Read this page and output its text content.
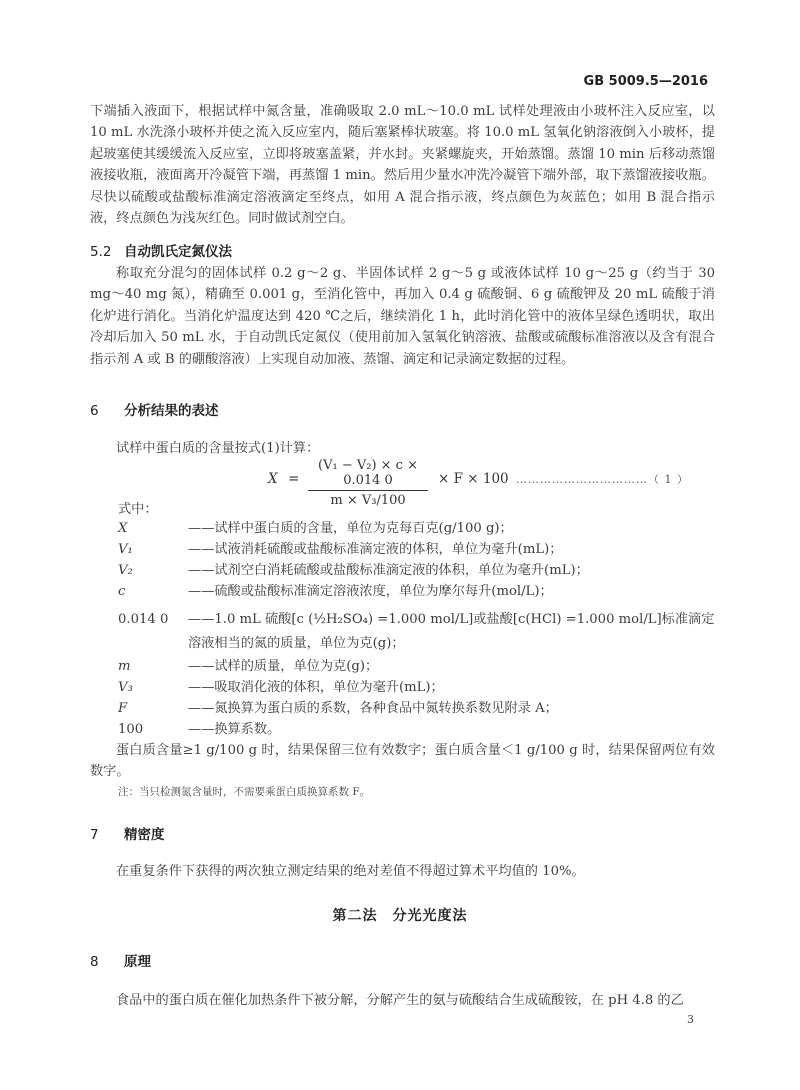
GB 5009.5—2016
下端插入液面下，根据试样中氮含量，准确吸取 2.0 mL～10.0 mL 试样处理液由小玻杯注入反应室，以 10 mL 水洗涤小玻杯并使之流入反应室内，随后塞紧棒状玻塞。将 10.0 mL 氢氧化钠溶液倒入小玻杯，提起玻塞使其缓缓流入反应室，立即将玻塞盖紧，并水封。夹紧螺旋夹，开始蒸馏。蒸馏 10 min 后移动蒸馏液接收瓶，液面离开冷凝管下端，再蒸馏 1 min。然后用少量水冲洗冷凝管下端外部，取下蒸馏液接收瓶。尽快以硫酸或盐酸标准滴定溶液滴定至终点，如用 A 混合指示液，终点颜色为灰蓝色；如用 B 混合指示液，终点颜色为浅灰红色。同时做试剂空白。
5.2 自动凯氏定氮仪法
称取充分混匀的固体试样 0.2 g～2 g、半固体试样 2 g～5 g 或液体试样 10 g～25 g（约当于 30 mg～40 mg 氮），精确至 0.001 g，至消化管中，再加入 0.4 g 硫酸铜、6 g 硫酸钾及 20 mL 硫酸于消化炉进行消化。当消化炉温度达到 420 ℃之后，继续消化 1 h，此时消化管中的液体呈绿色透明状，取出冷却后加入 50 mL 水，于自动凯氏定氮仪（使用前加入氢氧化钠溶液、盐酸或硫酸标准溶液以及含有混合指示剂 A 或 B 的硼酸溶液）上实现自动加液、蒸馏、滴定和记录滴定数据的过程。
6 分析结果的表述
试样中蛋白质的含量按式(1)计算：
X =
(V₁ − V₂) × c × 0.014 0
m × V₃/100
× F × 100 ……………………………（ 1 ）
式中：
X	——试样中蛋白质的含量，单位为克每百克(g/100 g)；
V₁	——试液消耗硫酸或盐酸标准滴定液的体积，单位为毫升(mL)；
V₂	——试剂空白消耗硫酸或盐酸标准滴定液的体积，单位为毫升(mL)；
c	——硫酸或盐酸标准滴定溶液浓度，单位为摩尔每升(mol/L)；
0.014 0 ——1.0 mL 硫酸[c (½H₂SO₄) =1.000 mol/L]或盐酸[c(HCl) =1.000 mol/L]标准滴定
溶液相当的氮的质量，单位为克(g)；
m	——试样的质量，单位为克(g)；
V₃	——吸取消化液的体积，单位为毫升(mL)；
F	——氮换算为蛋白质的系数，各种食品中氮转换系数见附录 A；
100	——换算系数。
蛋白质含量≥1 g/100 g 时，结果保留三位有效数字；蛋白质含量＜1 g/100 g 时，结果保留两位有效数字。
注：当只检测氮含量时，不需要乘蛋白质换算系数 F。
7 精密度
在重复条件下获得的两次独立测定结果的绝对差值不得超过算术平均值的 10%。
第二法　分光光度法
8 原理
食品中的蛋白质在催化加热条件下被分解，分解产生的氨与硫酸结合生成硫酸铵，在 pH 4.8 的乙
3
